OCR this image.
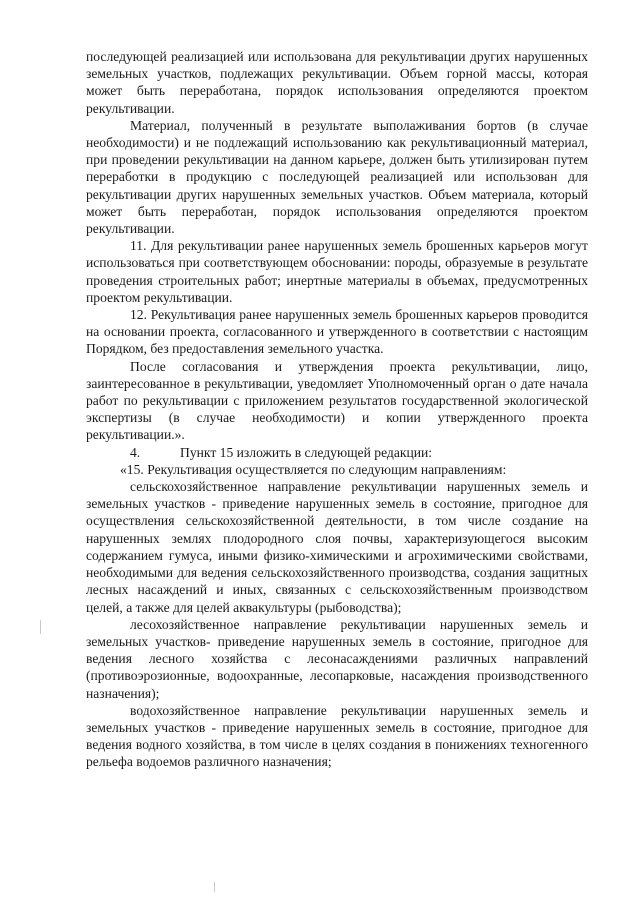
последующей реализацией или использована для рекультивации других нарушенных земельных участков, подлежащих рекультивации. Объем горной массы, которая может быть переработана, порядок использования определяются проектом рекультивации.

Материал, полученный в результате выполаживания бортов (в случае необходимости) и не подлежащий использованию как рекультивационный материал, при проведении рекультивации на данном карьере, должен быть утилизирован путем переработки в продукцию с последующей реализацией или использован для рекультивации других нарушенных земельных участков. Объем материала, который может быть переработан, порядок использования определяются проектом рекультивации.

11. Для рекультивации ранее нарушенных земель брошенных карьеров могут использоваться при соответствующем обосновании: породы, образуемые в результате проведения строительных работ; инертные материалы в объемах, предусмотренных проектом рекультивации.

12. Рекультивация ранее нарушенных земель брошенных карьеров проводится на основании проекта, согласованного и утвержденного в соответствии с настоящим Порядком, без предоставления земельного участка.

После согласования и утверждения проекта рекультивации, лицо, заинтересованное в рекультивации, уведомляет Уполномоченный орган о дате начала работ по рекультивации с приложением результатов государственной экологической экспертизы (в случае необходимости) и копии утвержденного проекта рекультивации.».

4.	Пункт 15 изложить в следующей редакции:

«15. Рекультивация осуществляется по следующим направлениям:

сельскохозяйственное направление рекультивации нарушенных земель и земельных участков - приведение нарушенных земель в состояние, пригодное для осуществления сельскохозяйственной деятельности, в том числе создание на нарушенных землях плодородного слоя почвы, характеризующегося высоким содержанием гумуса, иными физико-химическими и агрохимическими свойствами, необходимыми для ведения сельскохозяйственного производства, создания защитных лесных насаждений и иных, связанных с сельскохозяйственным производством целей, а также для целей аквакультуры (рыбоводства);

лесохозяйственное направление рекультивации нарушенных земель и земельных участков- приведение нарушенных земель в состояние, пригодное для ведения лесного хозяйства с лесонасаждениями различных направлений (противоэрозионные, водоохранные, лесопарковые, насаждения производственного назначения);

водохозяйственное направление рекультивации нарушенных земель и земельных участков - приведение нарушенных земель в состояние, пригодное для ведения водного хозяйства, в том числе в целях создания в понижениях техногенного рельефа водоемов различного назначения;
